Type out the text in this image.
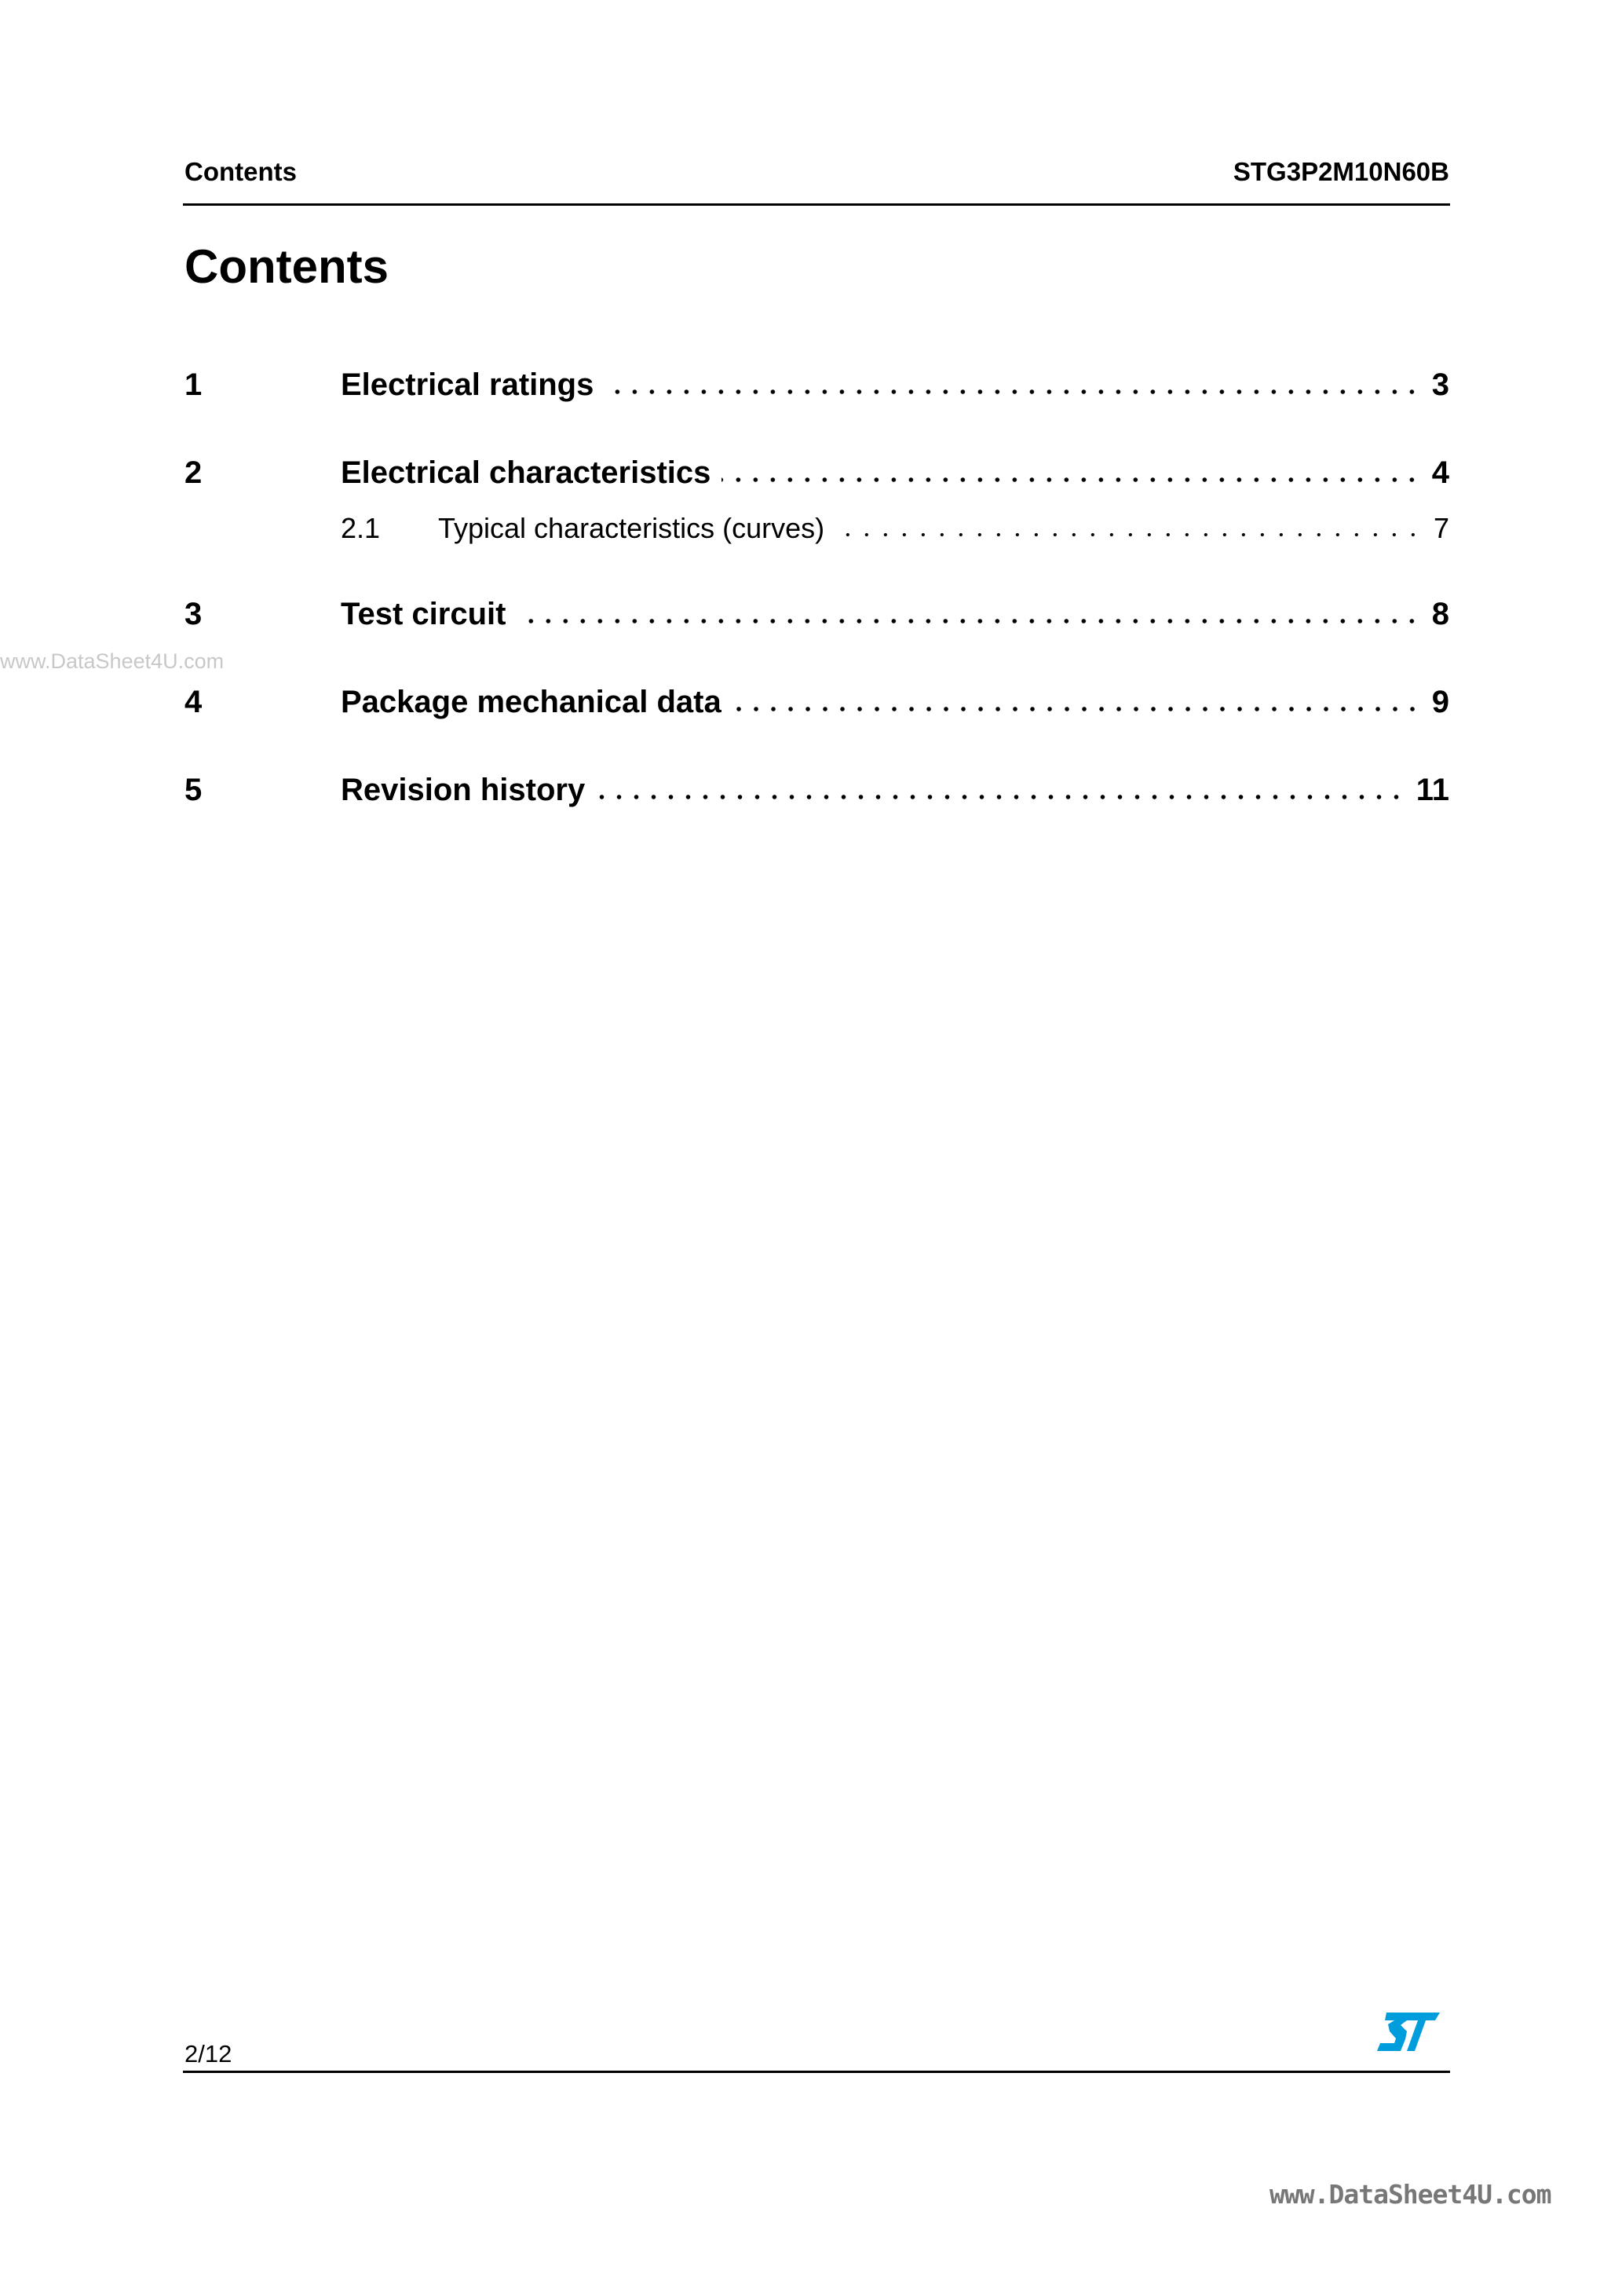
Contents	STG3P2M10N60B
Contents
1	Electrical ratings	3
2	Electrical characteristics	4
2.1	Typical characteristics (curves)	7
3	Test circuit	8
4	Package mechanical data	9
5	Revision history	11
www.DataSheet4U.com
2/12
www.DataSheet4U.com
